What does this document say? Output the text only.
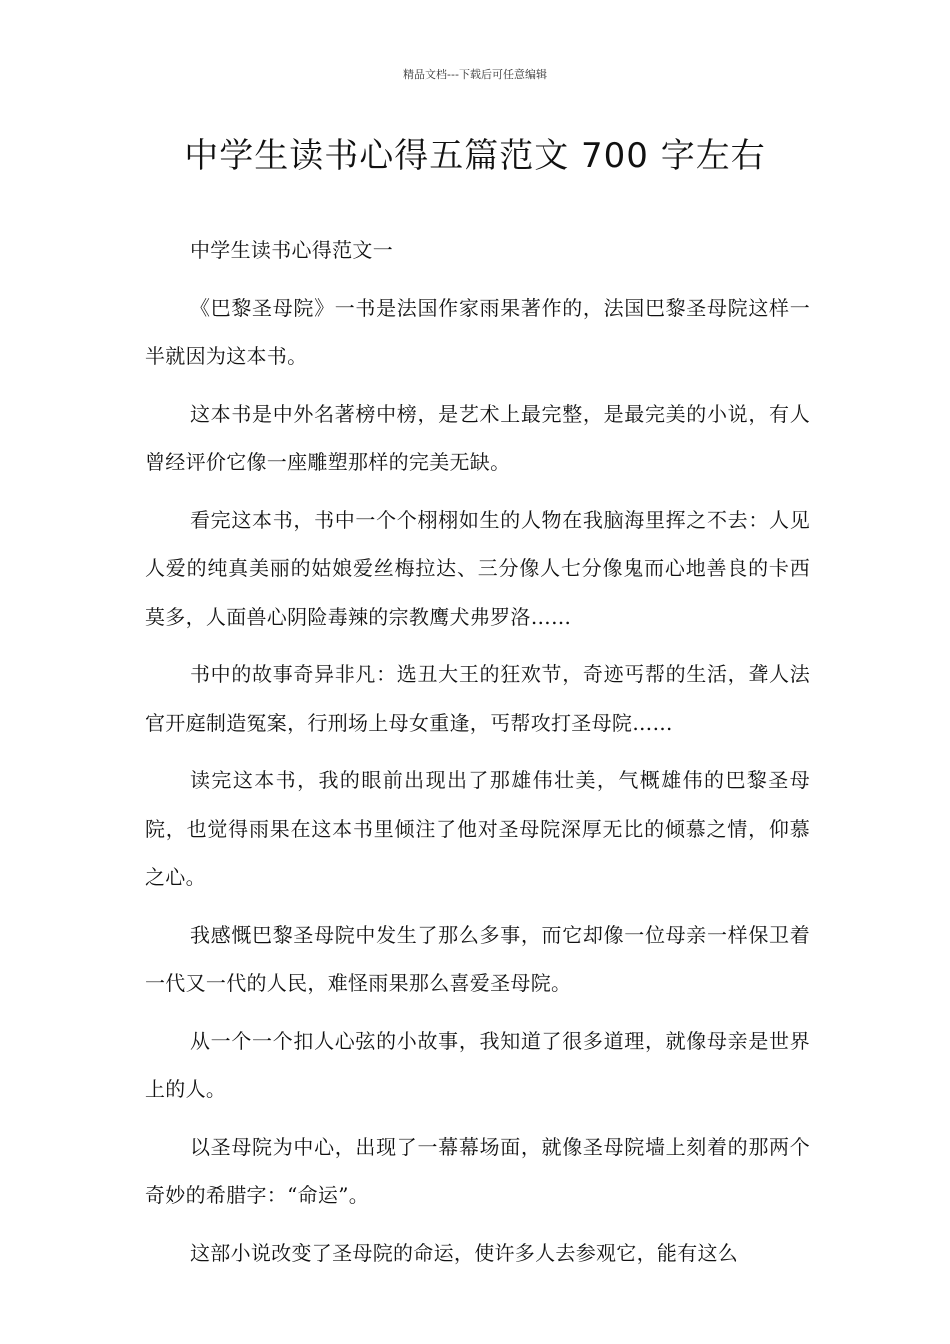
精品文档---下载后可任意编辑
中学生读书心得五篇范文 700 字左右

中学生读书心得范文一

《巴黎圣母院》一书是法国作家雨果著作的，法国巴黎圣母院这样一半就因为这本书。

这本书是中外名著榜中榜，是艺术上最完整，是最完美的小说，有人曾经评价它像一座雕塑那样的完美无缺。

看完这本书，书中一个个栩栩如生的人物在我脑海里挥之不去：人见人爱的纯真美丽的姑娘爱丝梅拉达、三分像人七分像鬼而心地善良的卡西莫多，人面兽心阴险毒辣的宗教鹰犬弗罗洛……

书中的故事奇异非凡：选丑大王的狂欢节，奇迹丐帮的生活，聋人法官开庭制造冤案，行刑场上母女重逢，丐帮攻打圣母院……

读完这本书，我的眼前出现出了那雄伟壮美，气概雄伟的巴黎圣母院，也觉得雨果在这本书里倾注了他对圣母院深厚无比的倾慕之情，仰慕之心。

我感慨巴黎圣母院中发生了那么多事，而它却像一位母亲一样保卫着一代又一代的人民，难怪雨果那么喜爱圣母院。

从一个一个扣人心弦的小故事，我知道了很多道理，就像母亲是世界上的人。

以圣母院为中心，出现了一幕幕场面，就像圣母院墙上刻着的那两个奇妙的希腊字：“命运”。

这部小说改变了圣母院的命运，使许多人去参观它，能有这么
